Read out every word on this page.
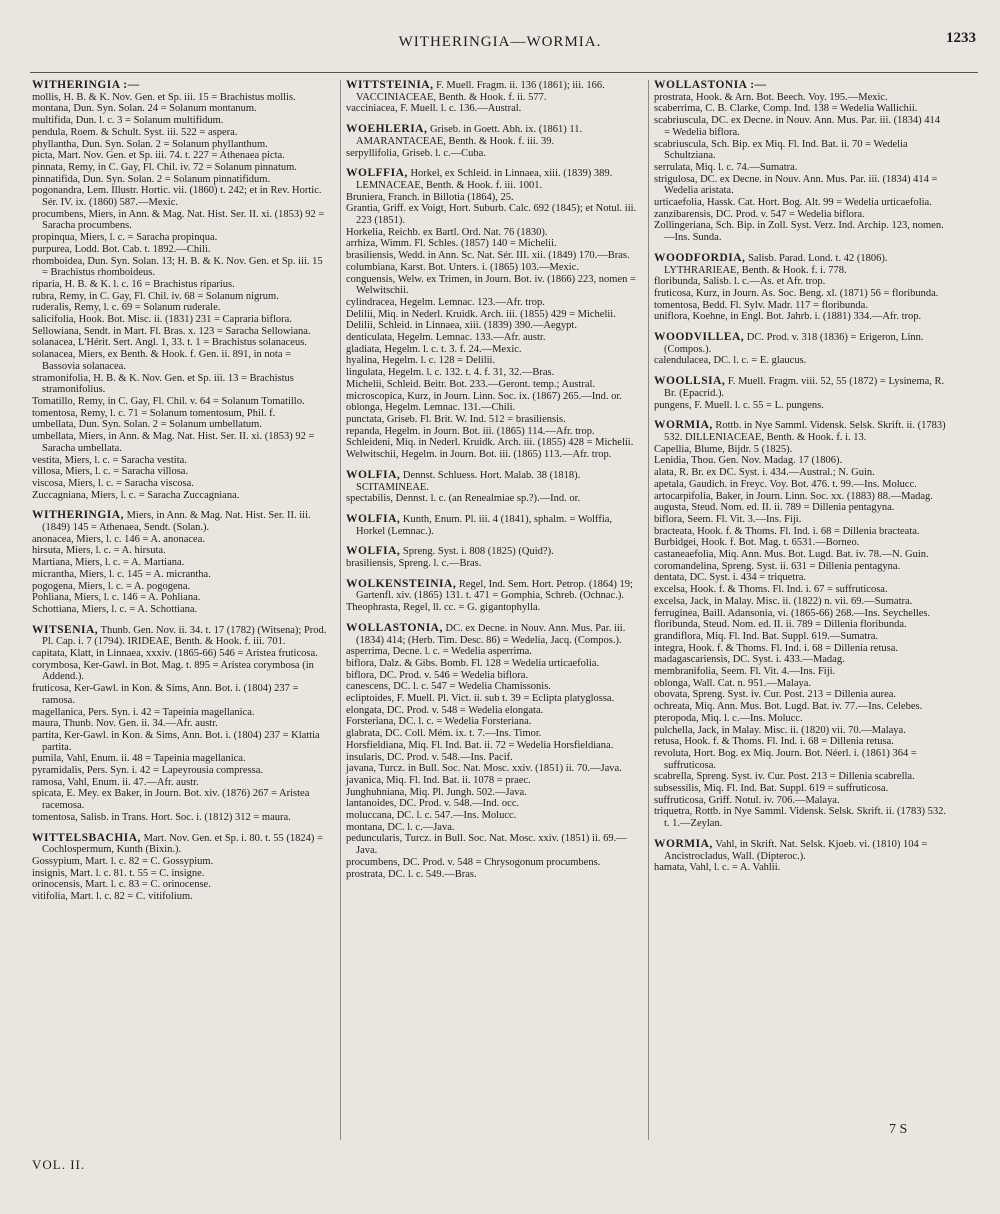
WITHERINGIA—WORMIA.	1233

WITHERINGIA :—

mollis, H. B. & K. Nov. Gen. et Sp. iii. 15 = Brachistus mollis.

montana, Dun. Syn. Solan. 24 = Solanum montanum.

multifida, Dun. l. c. 3 = Solanum multifidum.

pendula, Roem. & Schult. Syst. iii. 522 = aspera.

phyllantha, Dun. Syn. Solan. 2 = Solanum phyllanthum.

picta, Mart. Nov. Gen. et Sp. iii. 74. t. 227 = Athenaea picta.

pinnata, Remy, in C. Gay, Fl. Chil. iv. 72 = Solanum pinnatum.

pinnatifida, Dun. Syn. Solan. 2 = Solanum pinnatifidum.

pogonandra, Lem. Illustr. Hortic. vii. (1860) t. 242; et in Rev. Hortic. Sér. IV. ix. (1860) 587.—Mexic.

procumbens, Miers, in Ann. & Mag. Nat. Hist. Ser. II. xi. (1853) 92 = Saracha procumbens.

propinqua, Miers, l. c. = Saracha propinqua.

purpurea, Lodd. Bot. Cab. t. 1892.—Chili.

rhomboidea, Dun. Syn. Solan. 13; H. B. & K. Nov. Gen. et Sp. iii. 15 = Brachistus rhomboideus.

riparia, H. B. & K. l. c. 16 = Brachistus riparius.

rubra, Remy, in C. Gay, Fl. Chil. iv. 68 = Solanum nigrum.

ruderalis, Remy, l. c. 69 = Solanum ruderale.

salicifolia, Hook. Bot. Misc. ii. (1831) 231 = Capraria biflora.

Sellowiana, Sendt. in Mart. Fl. Bras. x. 123 = Saracha Sellowiana.

solanacea, L'Hérit. Sert. Angl. 1, 33. t. 1 = Brachistus solanaceus.

solanacea, Miers, ex Benth. & Hook. f. Gen. ii. 891, in nota = Bassovia solanacea.

stramonifolia, H. B. & K. Nov. Gen. et Sp. iii. 13 = Brachistus stramonifolius.

Tomatillo, Remy, in C. Gay, Fl. Chil. v. 64 = Solanum Tomatillo.

tomentosa, Remy, l. c. 71 = Solanum tomentosum, Phil. f.

umbellata, Dun. Syn. Solan. 2 = Solanum umbellatum.

umbellata, Miers, in Ann. & Mag. Nat. Hist. Ser. II. xi. (1853) 92 = Saracha umbellata.

vestita, Miers, l. c. = Saracha vestita.

villosa, Miers, l. c. = Saracha villosa.

viscosa, Miers, l. c. = Saracha viscosa.

Zuccagniana, Miers, l. c. = Saracha Zuccagniana.

WITHERINGIA, Miers, in Ann. & Mag. Nat. Hist. Ser. II. iii. (1849) 145 = Athenaea, Sendt. (Solan.).

anonacea, Miers, l. c. 146 = A. anonacea.

hirsuta, Miers, l. c. = A. hirsuta.

Martiana, Miers, l. c. = A. Martiana.

micrantha, Miers, l. c. 145 = A. micrantha.

pogogena, Miers, l. c. = A. pogogena.

Pohliana, Miers, l. c. 146 = A. Pohliana.

Schottiana, Miers, l. c. = A. Schottiana.

WITSENIA, Thunb. Gen. Nov. ii. 34. t. 17 (1782) (Witsena); Prod. Pl. Cap. i. 7 (1794). IRIDEAE, Benth. & Hook. f. iii. 701.

capitata, Klatt, in Linnaea, xxxiv. (1865-66) 546 = Aristea fruticosa.

corymbosa, Ker-Gawl. in Bot. Mag. t. 895 = Aristea corymbosa (in Addend.).

fruticosa, Ker-Gawl. in Kon. & Sims, Ann. Bot. i. (1804) 237 = ramosa.

magellanica, Pers. Syn. i. 42 = Tapeinia magellanica.

maura, Thunb. Nov. Gen. ii. 34.—Afr. austr.

partita, Ker-Gawl. in Kon. & Sims, Ann. Bot. i. (1804) 237 = Klattia partita.

pumila, Vahl, Enum. ii. 48 = Tapeinia magellanica.

pyramidalis, Pers. Syn. i. 42 = Lapeyrousia compressa.

ramosa, Vahl, Enum. ii. 47.—Afr. austr.

spicata, E. Mey. ex Baker, in Journ. Bot. xiv. (1876) 267 = Aristea racemosa.

tomentosa, Salisb. in Trans. Hort. Soc. i. (1812) 312 = maura.

WITTELSBACHIA, Mart. Nov. Gen. et Sp. i. 80. t. 55 (1824) = Cochlospermum, Kunth (Bixin.).

Gossypium, Mart. l. c. 82 = C. Gossypium.

insignis, Mart. l. c. 81. t. 55 = C. insigne.

orinocensis, Mart. l. c. 83 = C. orinocense.

vitifolia, Mart. l. c. 82 = C. vitifolium.

WITTSTEINIA, F. Muell. Fragm. ii. 136 (1861); iii. 166. VACCINIACEAE, Benth. & Hook. f. ii. 577.

vacciniacea, F. Muell. l. c. 136.—Austral.

WOEHLERIA, Griseb. in Goett. Abh. ix. (1861) 11. AMARANTACEAE, Benth. & Hook. f. iii. 39.

serpyllifolia, Griseb. l. c.—Cuba.

WOLFFIA, Horkel, ex Schleid. in Linnaea, xiii. (1839) 389. LEMNACEAE, Benth. & Hook. f. iii. 1001.

Bruniera, Franch. in Billotia (1864), 25.

Grantia, Griff. ex Voigt, Hort. Suburb. Calc. 692 (1845); et Notul. iii. 223 (1851).

Horkelia, Reichb. ex Bartl. Ord. Nat. 76 (1830).

arrhiza, Wimm. Fl. Schles. (1857) 140 = Michelii.

brasiliensis, Wedd. in Ann. Sc. Nat. Sér. III. xii. (1849) 170.—Bras.

columbiana, Karst. Bot. Unters. i. (1865) 103.—Mexic.

conguensis, Welw. ex Trimen, in Journ. Bot. iv. (1866) 223, nomen = Welwitschii.

cylindracea, Hegelm. Lemnac. 123.—Afr. trop.

Delilii, Miq. in Nederl. Kruidk. Arch. iii. (1855) 429 = Michelii.

Delilii, Schleid. in Linnaea, xiii. (1839) 390.—Aegypt.

denticulata, Hegelm. Lemnac. 133.—Afr. austr.

gladiata, Hegelm. l. c. t. 3. f. 24.—Mexic.

hyalina, Hegelm. l. c. 128 = Delilii.

lingulata, Hegelm. l. c. 132. t. 4. f. 31, 32.—Bras.

Michelii, Schleid. Beitr. Bot. 233.—Geront. temp.; Austral.

microscopica, Kurz, in Journ. Linn. Soc. ix. (1867) 265.—Ind. or.

oblonga, Hegelm. Lemnac. 131.—Chili.

punctata, Griseb. Fl. Brit. W. Ind. 512 = brasiliensis.

repanda, Hegelm. in Journ. Bot. iii. (1865) 114.—Afr. trop.

Schleideni, Miq. in Nederl. Kruidk. Arch. iii. (1855) 428 = Michelii.

Welwitschii, Hegelm. in Journ. Bot. iii. (1865) 113.—Afr. trop.

WOLFIA, Dennst. Schluess. Hort. Malab. 38 (1818). SCITAMINEAE.

spectabilis, Dennst. l. c. (an Renealmiae sp.?).—Ind. or.

WOLFIA, Kunth, Enum. Pl. iii. 4 (1841), sphalm. = Wolffia, Horkel (Lemnac.).

WOLFIA, Spreng. Syst. i. 808 (1825) (Quid?).

brasiliensis, Spreng. l. c.—Bras.

WOLKENSTEINIA, Regel, Ind. Sem. Hort. Petrop. (1864) 19; Gartenfl. xiv. (1865) 131. t. 471 = Gomphia, Schreb. (Ochnac.).

Theophrasta, Regel, ll. cc. = G. gigantophylla.

WOLLASTONIA, DC. ex Decne. in Nouv. Ann. Mus. Par. iii. (1834) 414; (Herb. Tim. Desc. 86) = Wedelia, Jacq. (Compos.).

asperrima, Decne. l. c. = Wedelia asperrima.

biflora, Dalz. & Gibs. Bomb. Fl. 128 = Wedelia urticaefolia.

biflora, DC. Prod. v. 546 = Wedelia biflora.

canescens, DC. l. c. 547 = Wedelia Chamissonis.

ecliptoides, F. Muell. Pl. Vict. ii. sub t. 39 = Eclipta platyglossa.

elongata, DC. Prod. v. 548 = Wedelia elongata.

Forsteriana, DC. l. c. = Wedelia Forsteriana.

glabrata, DC. Coll. Mém. ix. t. 7.—Ins. Timor.

Horsfieldiana, Miq. Fl. Ind. Bat. ii. 72 = Wedelia Horsfieldiana.

insularis, DC. Prod. v. 548.—Ins. Pacif.

javana, Turcz. in Bull. Soc. Nat. Mosc. xxiv. (1851) ii. 70.—Java.

javanica, Miq. Fl. Ind. Bat. ii. 1078 = praec.

Junghuhniana, Miq. Pl. Jungh. 502.—Java.

lantanoides, DC. Prod. v. 548.—Ind. occ.

moluccana, DC. l. c. 547.—Ins. Molucc.

montana, DC. l. c.—Java.

peduncularis, Turcz. in Bull. Soc. Nat. Mosc. xxiv. (1851) ii. 69.—Java.

procumbens, DC. Prod. v. 548 = Chrysogonum procumbens.

prostrata, DC. l. c. 549.—Bras.

WOLLASTONIA :—

prostrata, Hook. & Arn. Bot. Beech. Voy. 195.—Mexic.

scaberrima, C. B. Clarke, Comp. Ind. 138 = Wedelia Wallichii.

scabriuscula, DC. ex Decne. in Nouv. Ann. Mus. Par. iii. (1834) 414 = Wedelia biflora.

scabriuscula, Sch. Bip. ex Miq. Fl. Ind. Bat. ii. 70 = Wedelia Schultziana.

serrulata, Miq. l. c. 74.—Sumatra.

strigulosa, DC. ex Decne. in Nouv. Ann. Mus. Par. iii. (1834) 414 = Wedelia aristata.

urticaefolia, Hassk. Cat. Hort. Bog. Alt. 99 = Wedelia urticaefolia.

zanzibarensis, DC. Prod. v. 547 = Wedelia biflora.

Zollingeriana, Sch. Bip. in Zoll. Syst. Verz. Ind. Archip. 123, nomen.—Ins. Sunda.

WOODFORDIA, Salisb. Parad. Lond. t. 42 (1806). LYTHRARIEAE, Benth. & Hook. f. i. 778.

floribunda, Salisb. l. c.—As. et Afr. trop.

fruticosa, Kurz, in Journ. As. Soc. Beng. xl. (1871) 56 = floribunda.

tomentosa, Bedd. Fl. Sylv. Madr. 117 = floribunda.

uniflora, Koehne, in Engl. Bot. Jahrb. i. (1881) 334.—Afr. trop.

WOODVILLEA, DC. Prod. v. 318 (1836) = Erigeron, Linn. (Compos.).

calendulacea, DC. l. c. = E. glaucus.

WOOLLSIA, F. Muell. Fragm. viii. 52, 55 (1872) = Lysinema, R. Br. (Epacrid.).

pungens, F. Muell. l. c. 55 = L. pungens.

WORMIA, Rottb. in Nye Samml. Vidensk. Selsk. Skrift. ii. (1783) 532. DILLENIACEAE, Benth. & Hook. f. i. 13.

Capellia, Blume, Bijdr. 5 (1825).

Lenidia, Thou. Gen. Nov. Madag. 17 (1806).

alata, R. Br. ex DC. Syst. i. 434.—Austral.; N. Guin.

apetala, Gaudich. in Freyc. Voy. Bot. 476. t. 99.—Ins. Molucc.

artocarpifolia, Baker, in Journ. Linn. Soc. xx. (1883) 88.—Madag.

augusta, Steud. Nom. ed. II. ii. 789 = Dillenia pentagyna.

biflora, Seem. Fl. Vit. 3.—Ins. Fiji.

bracteata, Hook. f. & Thoms. Fl. Ind. i. 68 = Dillenia bracteata.

Burbidgei, Hook. f. Bot. Mag. t. 6531.—Borneo.

castaneaefolia, Miq. Ann. Mus. Bot. Lugd. Bat. iv. 78.—N. Guin.

coromandelina, Spreng. Syst. ii. 631 = Dillenia pentagyna.

dentata, DC. Syst. i. 434 = triquetra.

excelsa, Hook. f. & Thoms. Fl. Ind. i. 67 = suffruticosa.

excelsa, Jack, in Malay. Misc. ii. (1822) n. vii. 69.—Sumatra.

ferruginea, Baill. Adansonia, vi. (1865-66) 268.—Ins. Seychelles.

floribunda, Steud. Nom. ed. II. ii. 789 = Dillenia floribunda.

grandiflora, Miq. Fl. Ind. Bat. Suppl. 619.—Sumatra.

integra, Hook. f. & Thoms. Fl. Ind. i. 68 = Dillenia retusa.

madagascariensis, DC. Syst. i. 433.—Madag.

membranifolia, Seem. Fl. Vit. 4.—Ins. Fiji.

oblonga, Wall. Cat. n. 951.—Malaya.

obovata, Spreng. Syst. iv. Cur. Post. 213 = Dillenia aurea.

ochreata, Miq. Ann. Mus. Bot. Lugd. Bat. iv. 77.—Ins. Celebes.

pteropoda, Miq. l. c.—Ins. Molucc.

pulchella, Jack, in Malay. Misc. ii. (1820) vii. 70.—Malaya.

retusa, Hook. f. & Thoms. Fl. Ind. i. 68 = Dillenia retusa.

revoluta, Hort. Bog. ex Miq. Journ. Bot. Néerl. i. (1861) 364 = suffruticosa.

scabrella, Spreng. Syst. iv. Cur. Post. 213 = Dillenia scabrella.

subsessilis, Miq. Fl. Ind. Bat. Suppl. 619 = suffruticosa.

suffruticosa, Griff. Notul. iv. 706.—Malaya.

triquetra, Rottb. in Nye Samml. Vidensk. Selsk. Skrift. ii. (1783) 532. t. 1.—Zeylan.

WORMIA, Vahl, in Skrift. Nat. Selsk. Kjoeb. vi. (1810) 104 = Ancistrocladus, Wall. (Dipteroc.).

hamata, Vahl, l. c. = A. Vahlii.

VOL. II.
7 S
